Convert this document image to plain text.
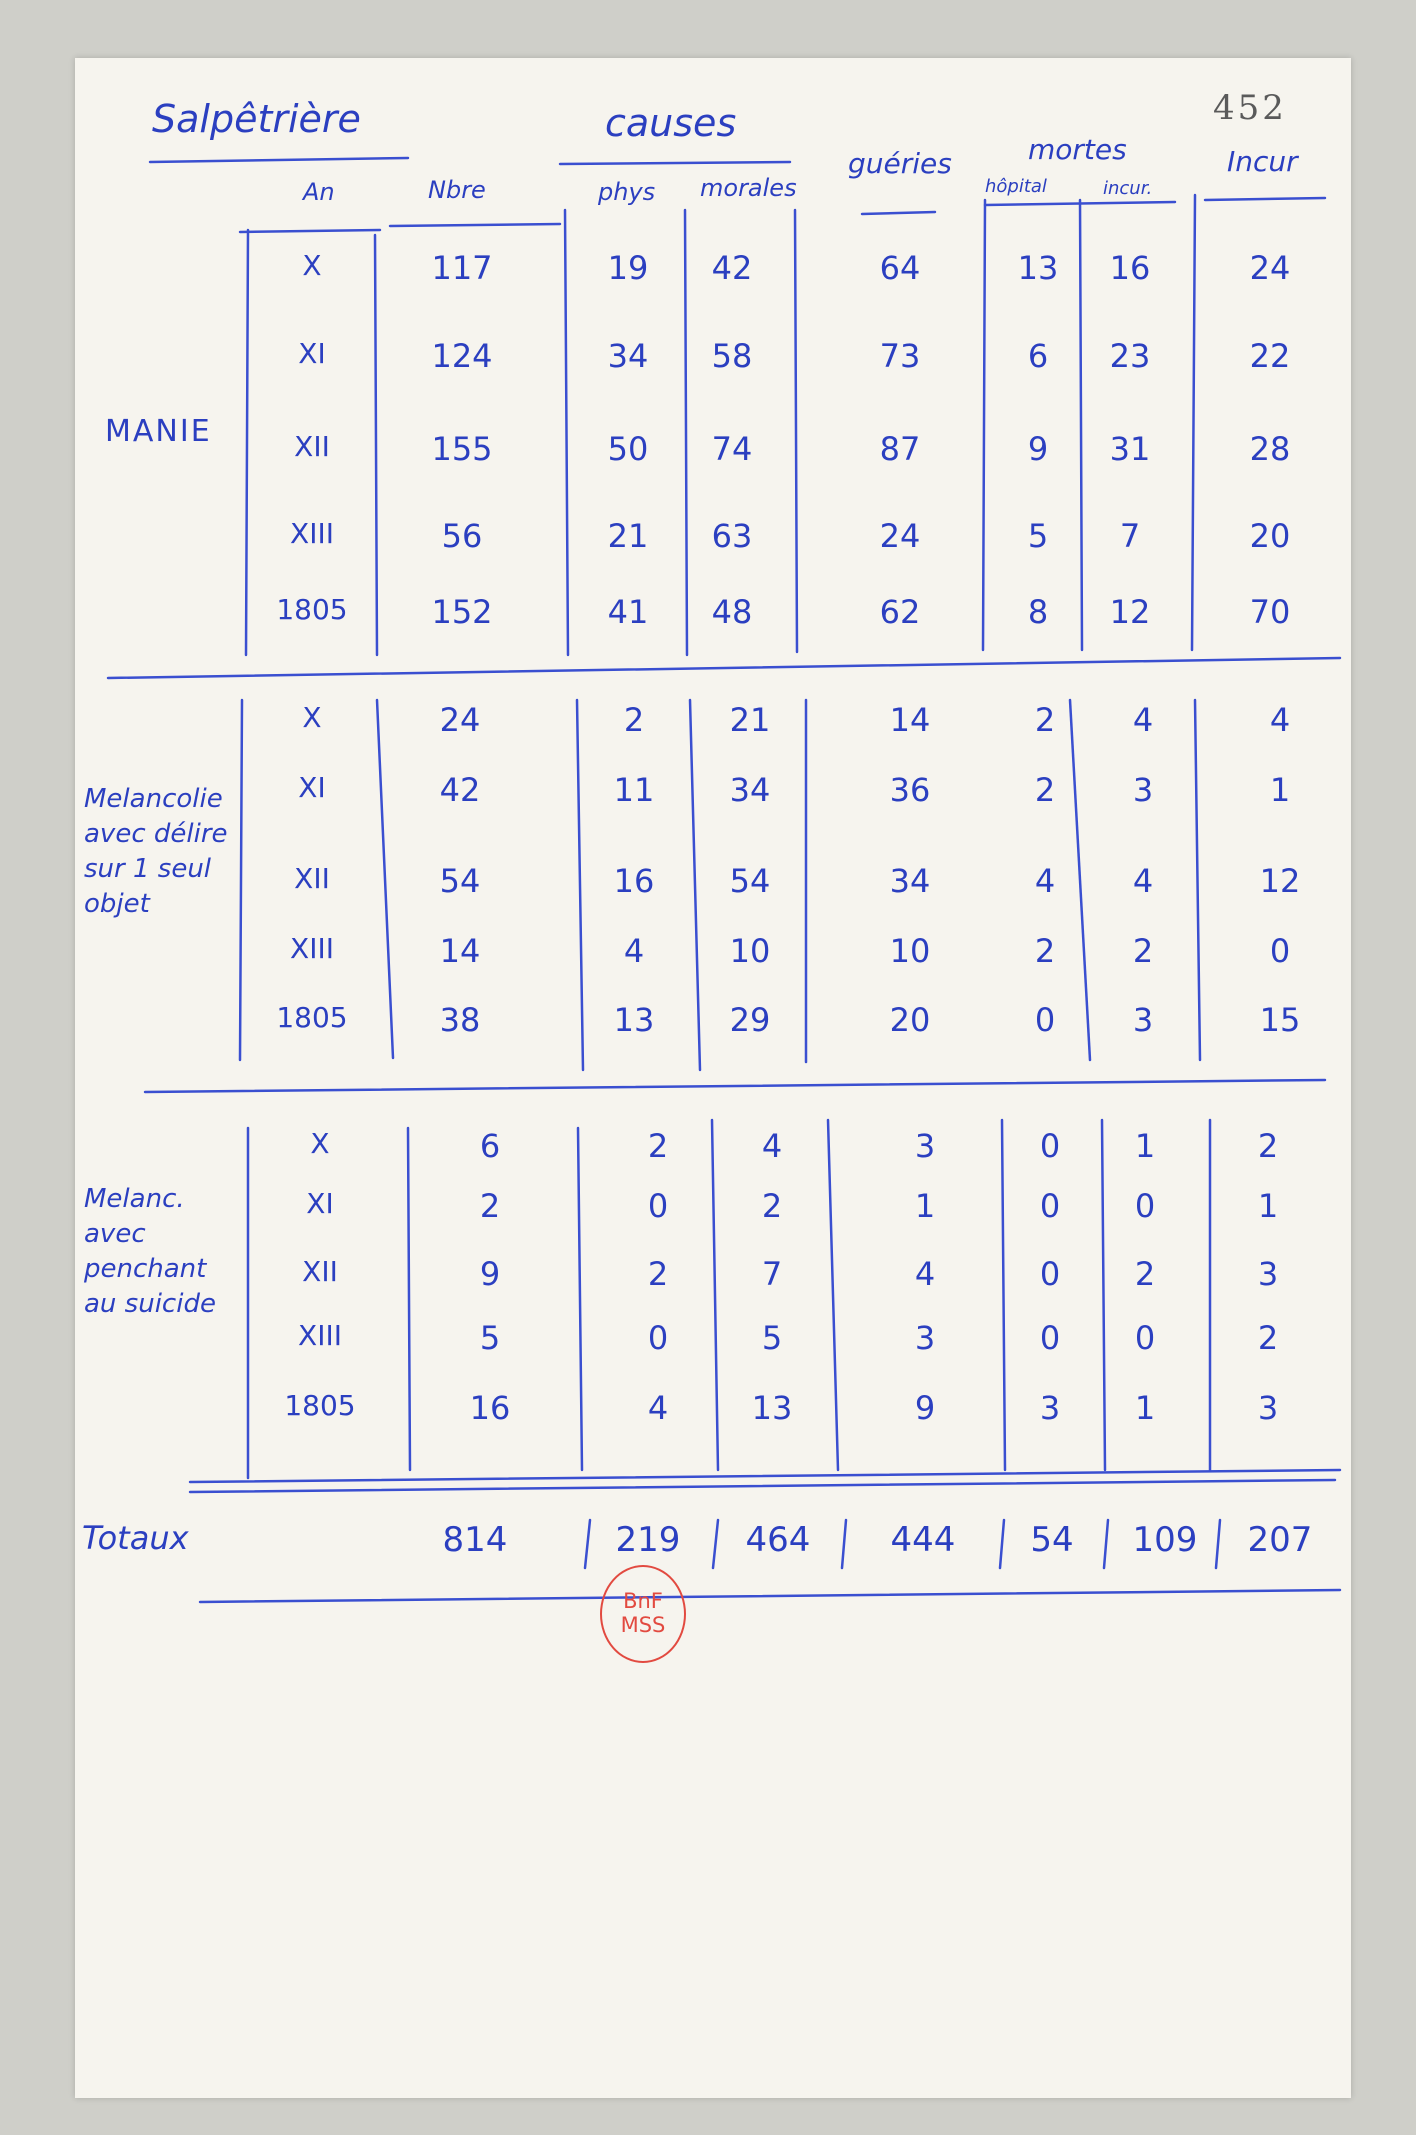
452
Salpêtrière	causes
An	Nbre	phys morales
guéries	mortes
hôpital	incur.
Incur
MANIE
Melancolie avec délire sur 1 seul objet
Melanc. avec penchant au suicide
Totaux	814	219 464 444 54 109 207
X	117	19 42	64	13 16	24
XI	124	34 58	73	6 23	22
XII	155	50 74	87	9 31	28
XIII	56	21 63	24	5 7	20
1805	152	41 48	62	8 12	70
X	24	2	21	14	2 4	4
XI	42	11 34	36	2 3	1
XII	54	16 54	34	4 4	12
XIII	14	4	10	10	2 2	0
1805	38	13 29	20	0 3	15
X	6	2	4	3	0 1	2
XI	2	0	2	1	0 0	1
XII	9	2	7	4	0 2	3
XIII	5	0	5	3	0 0	2
1805	16	4	13	9	3 1	3
BnF
MSS
